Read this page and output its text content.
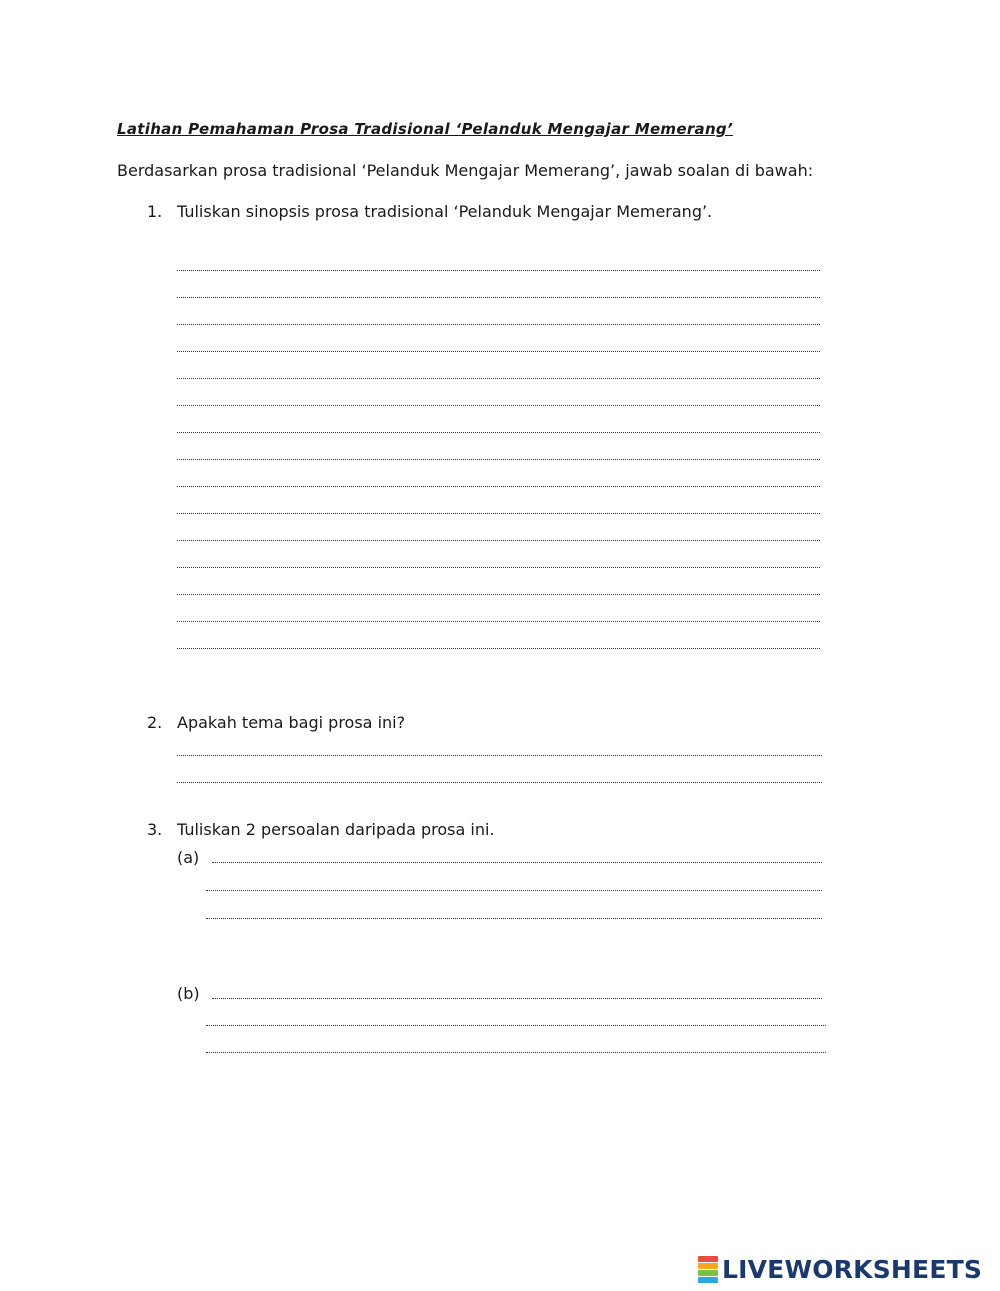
Latihan Pemahaman Prosa Tradisional ‘Pelanduk Mengajar Memerang’
Berdasarkan prosa tradisional ‘Pelanduk Mengajar Memerang’, jawab soalan di bawah:
1. Tuliskan sinopsis prosa tradisional ‘Pelanduk Mengajar Memerang’.
2. Apakah tema bagi prosa ini?
3. Tuliskan 2 persoalan daripada prosa ini.
(a)
(b)
LIVEWORKSHEETS
